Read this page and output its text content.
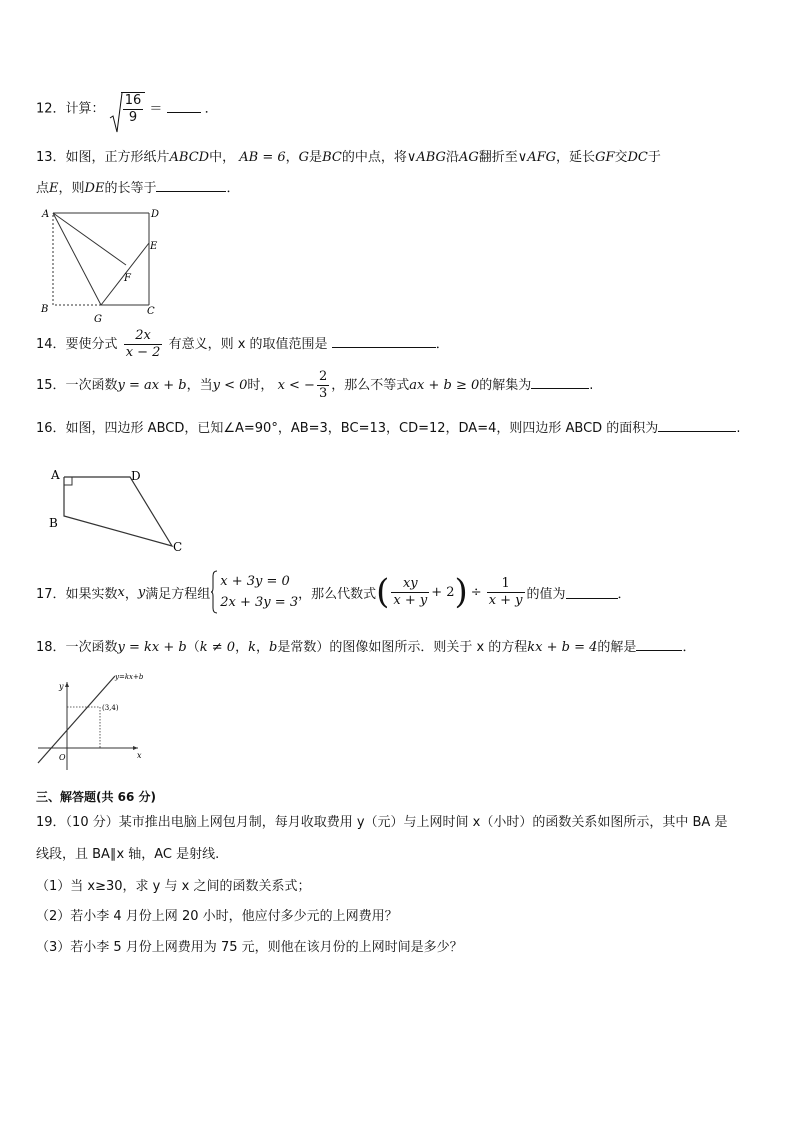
12．计算： $\frac{16}{9}$ ＝	．
13．如图，正方形纸片ABCD中， AB = 6，G是BC的中点，将∨ABG沿AG翻折至∨AFG，延长GF交DC于
点E，则DE的长等于	．
A	D
E
F
B
G
C
14．要使分式 $\frac{2x}{x - 2}$ 有意义，则 x 的取值范围是	．
15．一次函数y = ax + b，当y < 0时， x < − $\frac{2}{3}$ ，那么不等式ax + b ≥ 0的解集为	.
16．如图，四边形 ABCD，已知∠A=90°，AB=3，BC=13，CD=12，DA=4，则四边形 ABCD 的面积为	.
A	D
B
C
17．如果实数 x ， y 满足方程组
x + 3y = 0
2x + 3y = 3
，那么代数式 ( $\frac{xy}{x + y} + 2$ ) ÷ $\frac{1}{x + y}$ 的值为	．
18．一次函数y = kx + b（k ≠ 0，k，b是常数）的图像如图所示．则关于 x 的方程kx + b = 4的解是	．
y=kx+b
(3,4)
x
y
O
三、解答题(共 66 分)
19．（10 分）某市推出电脑上网包月制，每月收取费用 y（元）与上网时间 x（小时）的函数关系如图所示，其中 BA 是
线段，且 BA∥x 轴，AC 是射线.
（1）当 x≥30，求 y 与 x 之间的函数关系式；
（2）若小李 4 月份上网 20 小时，他应付多少元的上网费用？
（3）若小李 5 月份上网费用为 75 元，则他在该月份的上网时间是多少？
